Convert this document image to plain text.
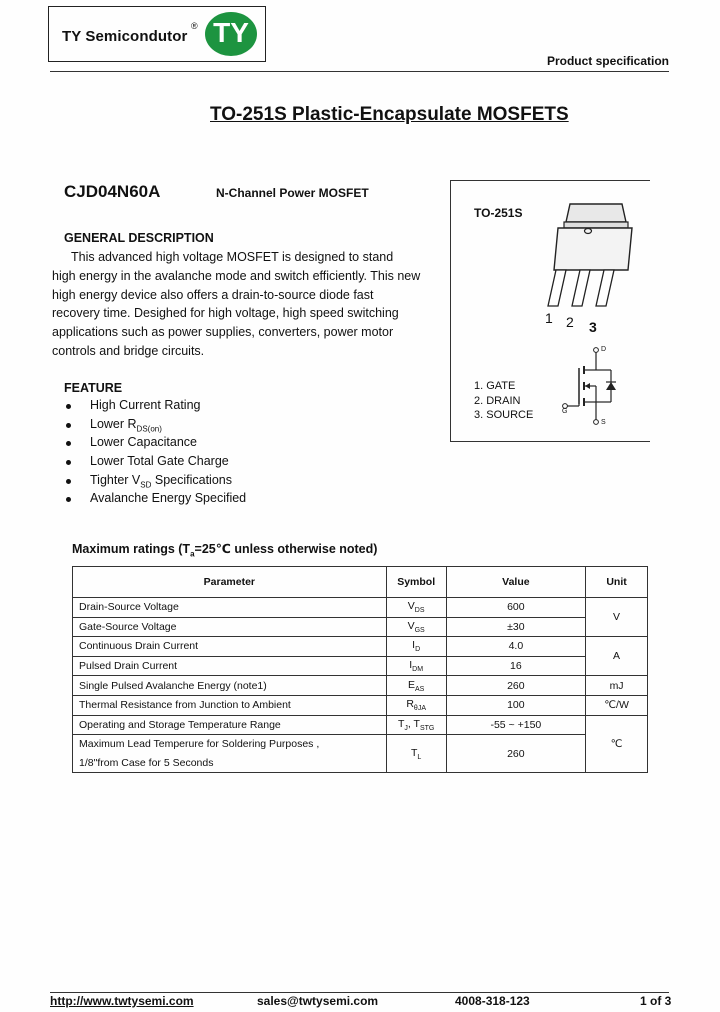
TY Semicondutor
® TY
Product specification
TO-251S Plastic-Encapsulate MOSFETS
CJD04N60A	N-Channel Power MOSFET
GENERAL DESCRIPTION

This advanced high voltage MOSFET is designed to stand

high energy in the avalanche mode and switch efficiently. This new

high energy device also offers a drain-to-source diode fast

recovery time. Desighed for high voltage, high speed switching

applications such as power supplies, converters, power motor

controls and bridge circuits.

FEATURE
High Current Rating
Lower $R_{DS(on)}$
Lower Capacitance
Lower Total Gate Charge
Tighter $V_{SD}$ Specifications
Avalanche Energy Specified
TO-251S
1 2 3
1. GATE
2. DRAIN
3. SOURCE
D
G
S
Maximum ratings ($T_a=25℃$ unless otherwise noted)
Parameter	Symbol	Value	Unit
Drain-Source Voltage	$V_{DS}$	600	V
Gate-Source Voltage	$V_{GS}$	±30	
Continuous Drain Current	$I_D$	4.0	A
Pulsed Drain Current	$I_{DM}$	16	
Single Pulsed Avalanche Energy (note1)	$E_{AS}$	260	mJ
Thermal Resistance from Junction to Ambient	$R_{\theta JA}$	100	℃/W
Operating and Storage Temperature Range	$T_J$, $T_{STG}$	-55 ~ +150	℃

Maximum Lead Temperure for Soldering Purposes ,
1/8"from Case for 5 Seconds	$T_L$	260	
http://www.twtysemi.com	sales@twtysemi.com	4008-318-123	1 of 3
